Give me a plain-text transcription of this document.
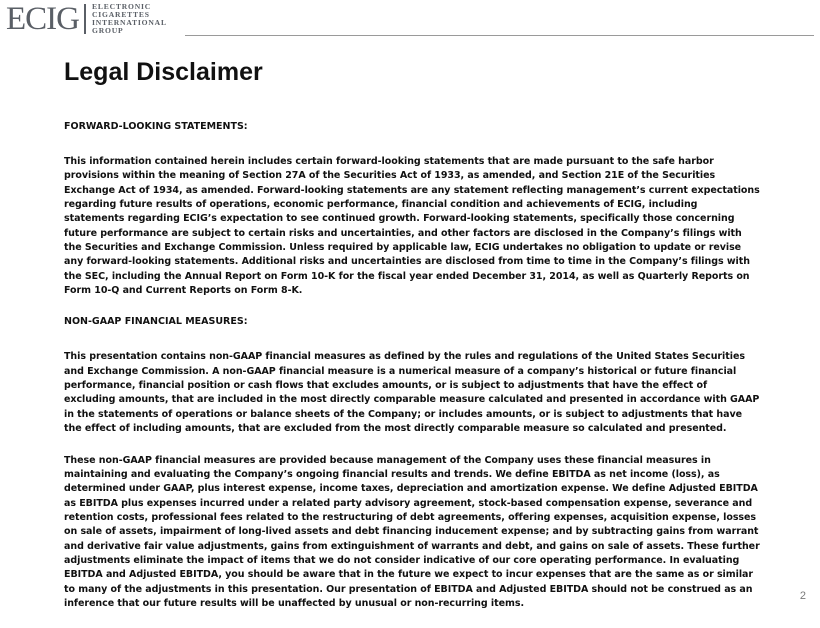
ECIG ELECTRONIC
CIGARETTES
INTERNATIONAL
GROUP
Legal Disclaimer

FORWARD-LOOKING STATEMENTS:

This information contained herein includes certain forward-looking statements that are made pursuant to the safe harbor provisions within the meaning of Section 27A of the Securities Act of 1933, as amended, and Section 21E of the Securities Exchange Act of 1934, as amended. Forward-looking statements are any statement reflecting management’s current expectations regarding future results of operations, economic performance, financial condition and achievements of ECIG, including statements regarding ECIG’s expectation to see continued growth. Forward-looking statements, specifically those concerning future performance are subject to certain risks and uncertainties, and other factors are disclosed in the Company’s filings with the Securities and Exchange Commission. Unless required by applicable law, ECIG undertakes no obligation to update or revise any forward-looking statements. Additional risks and uncertainties are disclosed from time to time in the Company’s filings with the SEC, including the Annual Report on Form 10-K for the fiscal year ended December 31, 2014, as well as Quarterly Reports on Form 10-Q and Current Reports on Form 8-K.

NON-GAAP FINANCIAL MEASURES:

This presentation contains non-GAAP financial measures as defined by the rules and regulations of the United States Securities and Exchange Commission. A non-GAAP financial measure is a numerical measure of a company’s historical or future financial performance, financial position or cash flows that excludes amounts, or is subject to adjustments that have the effect of excluding amounts, that are included in the most directly comparable measure calculated and presented in accordance with GAAP in the statements of operations or balance sheets of the Company; or includes amounts, or is subject to adjustments that have the effect of including amounts, that are excluded from the most directly comparable measure so calculated and presented.

These non-GAAP financial measures are provided because management of the Company uses these financial measures in maintaining and evaluating the Company’s ongoing financial results and trends. We define EBITDA as net income (loss), as determined under GAAP, plus interest expense, income taxes, depreciation and amortization expense. We define Adjusted EBITDA as EBITDA plus expenses incurred under a related party advisory agreement, stock-based compensation expense, severance and retention costs, professional fees related to the restructuring of debt agreements, offering expenses, acquisition expense, losses on sale of assets, impairment of long-lived assets and debt financing inducement expense; and by subtracting gains from warrant and derivative fair value adjustments, gains from extinguishment of warrants and debt, and gains on sale of assets. These further adjustments eliminate the impact of items that we do not consider indicative of our core operating performance. In evaluating EBITDA and Adjusted EBITDA, you should be aware that in the future we expect to incur expenses that are the same as or similar to many of the adjustments in this presentation. Our presentation of EBITDA and Adjusted EBITDA should not be construed as an inference that our future results will be unaffected by unusual or non-recurring items.

2
